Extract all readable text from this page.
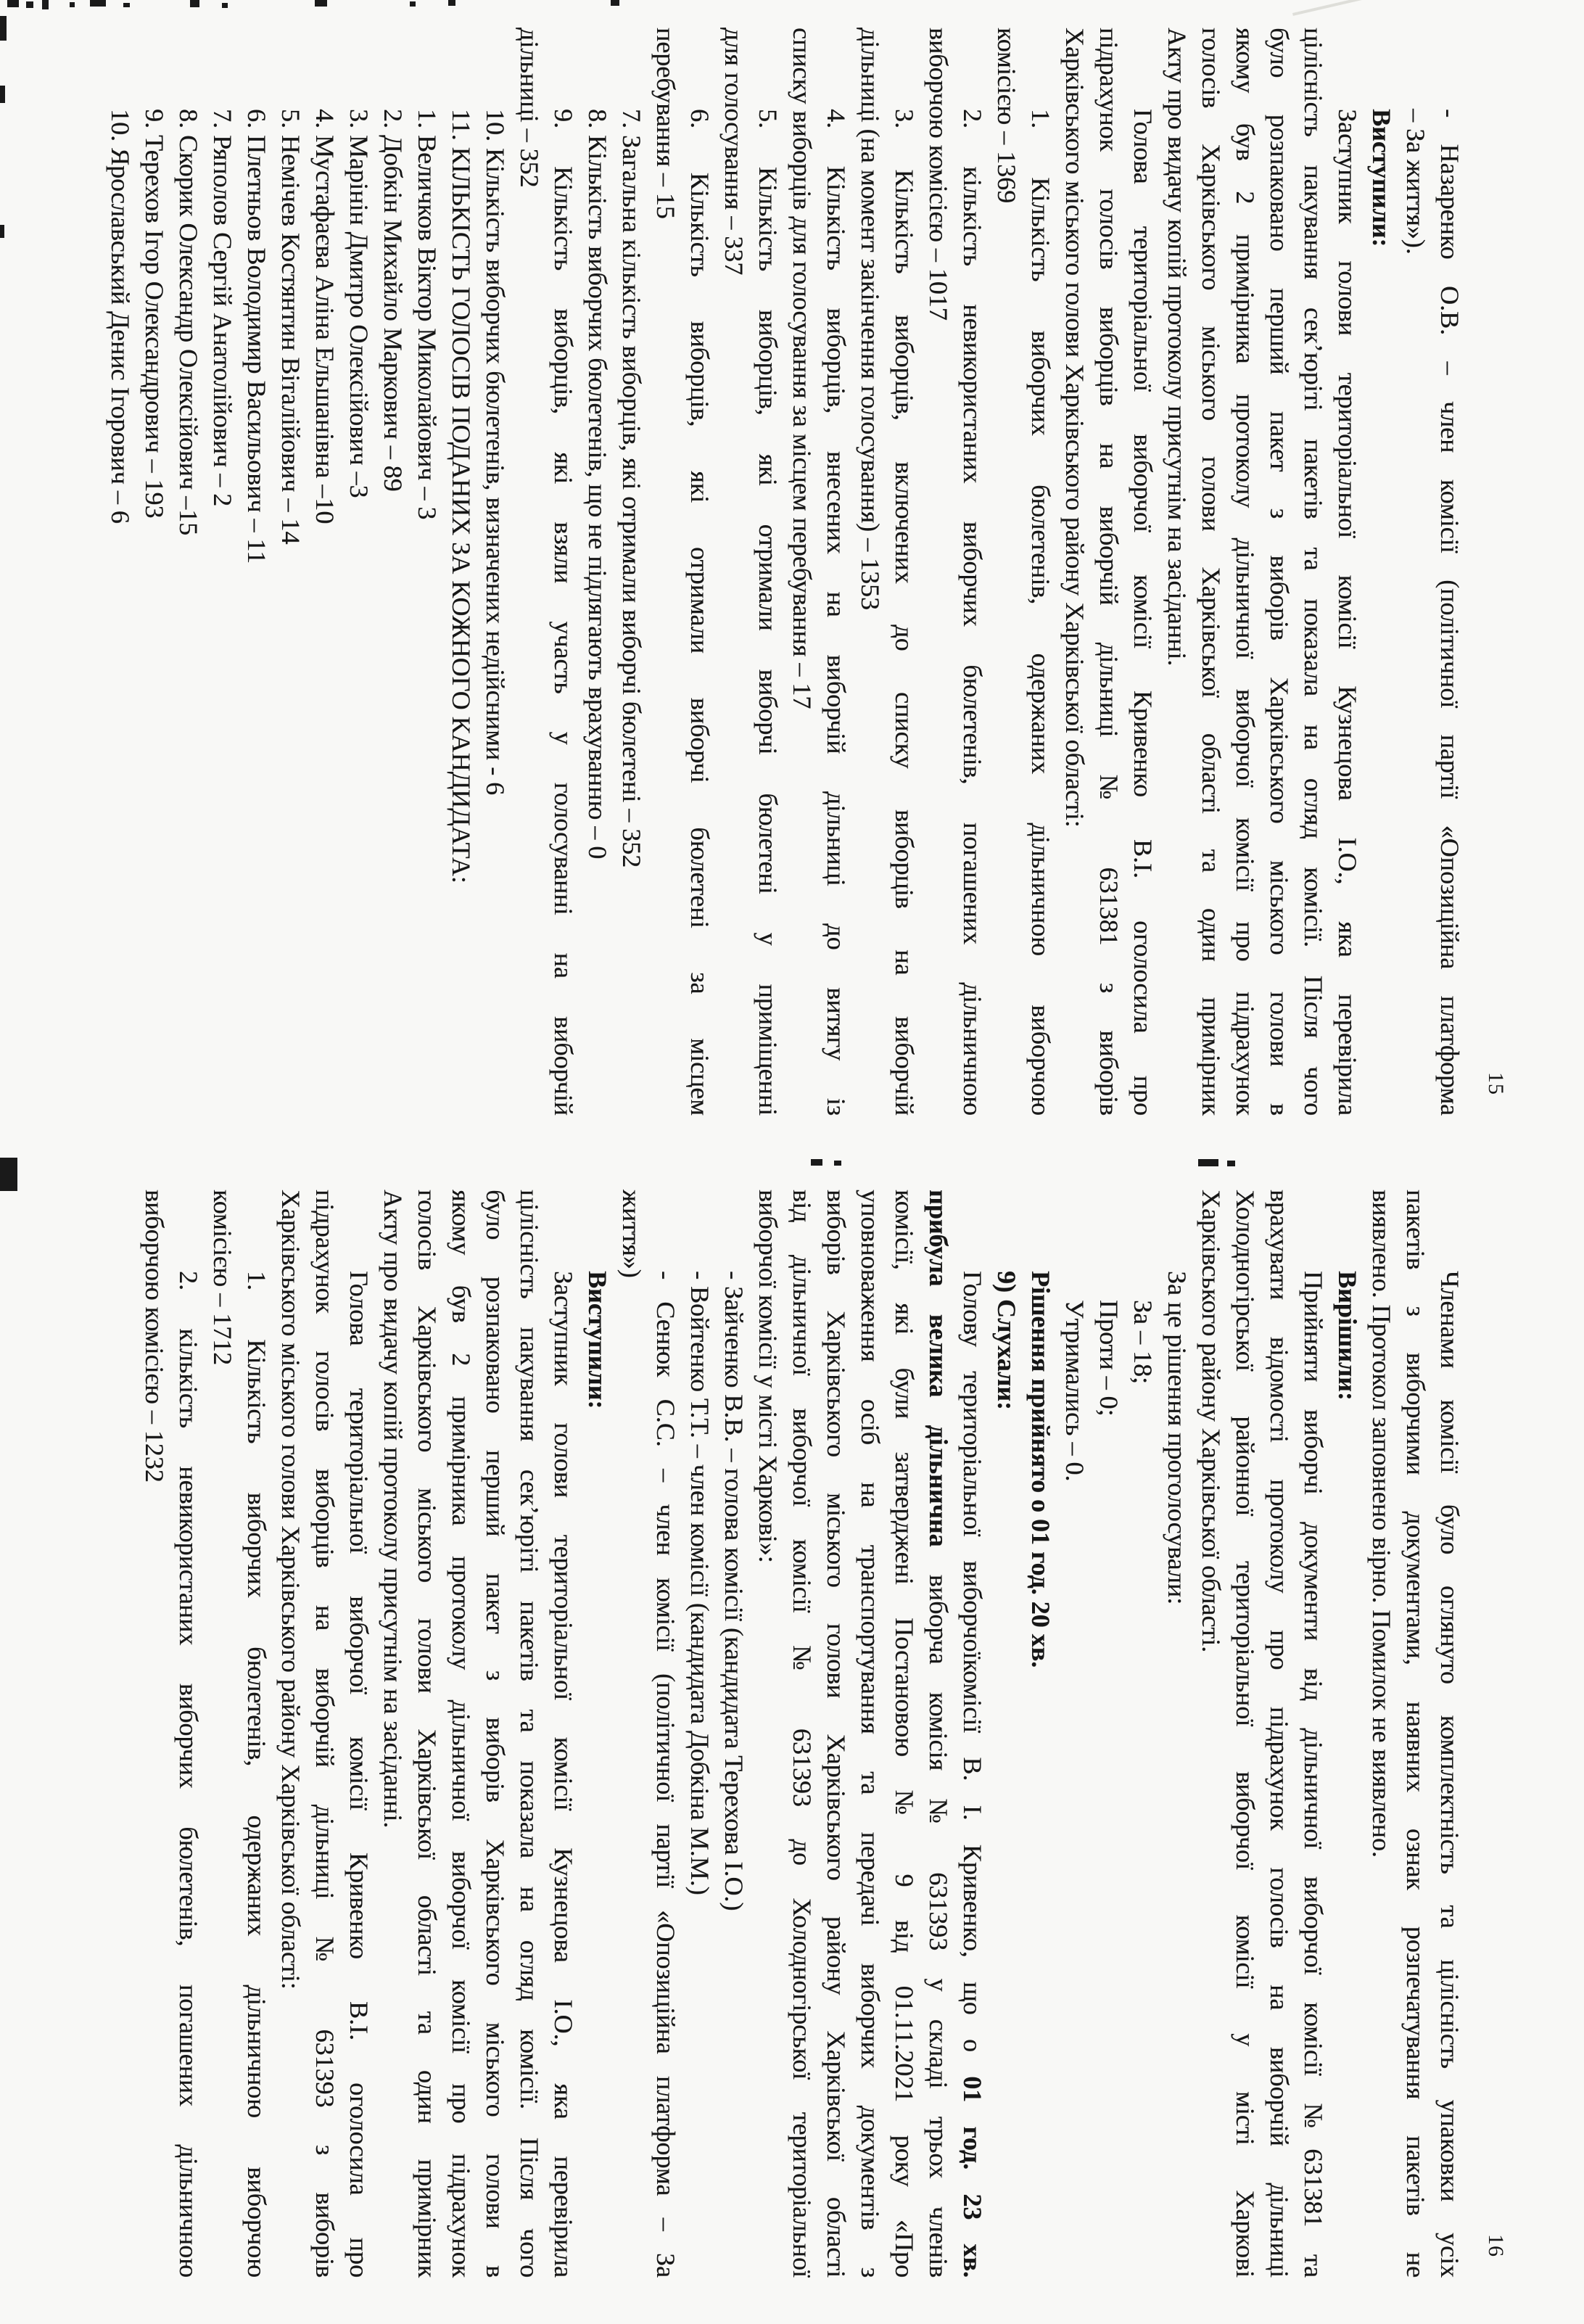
15
- Назаренко О.В. – член комісії (політичної партії «Опозиційна платформа
– За життя»).
Виступили:
Заступник голови територіальної комісії Кузнецова І.О., яка перевірила
цілісність пакування сек’юріті пакетів та показала на огляд комісії. Після чого
було розпаковано перший пакет з виборів Харківського міського голови в
якому був 2 примірника протоколу дільничної виборчої комісії про підрахунок
голосів Харківського міського голови Харківської області та один примірник
Акту про видачу копій протоколу присутнім на засіданні.
Голова територіальної виборчої комісії Кривенко В.І. оголосила про
підрахунок голосів виборців на виборчій дільниці № 631381 з виборів
Харківського міського голови Харківського району Харківської області:
1. Кількість виборчих бюлетенів, одержаних дільничною виборчою
комісією – 1369
2. кількість невикористаних виборчих бюлетенів, погашених дільничною
виборчою комісією – 1017
3. Кількість виборців, включених до списку виборців на виборчій
дільниці (на момент закінчення голосування) – 1353
4. Кількість виборців, внесених на виборчій дільниці до витягу із
списку виборців для голосування за місцем перебування – 17
5. Кількість виборців, які отримали виборчі бюлетені у приміщенні
для голосування – 337
6. Кількість виборців, які отримали виборчі бюлетені за місцем
перебування – 15
7. Загальна кількість виборців, які отримали виборчі бюлетені – 352
8. Кількість виборчих бюлетенів, що не підлягають врахуванню – 0
9. Кількість виборців, які взяли участь у голосуванні на виборчій
дільниці – 352
10. Кількість виборчих бюлетенів, визначених недійсними - 6
11. КІЛЬКІСТЬ ГОЛОСІВ ПОДАНИХ ЗА КОЖНОГО КАНДИДАТА:
1. Величков Віктор Миколайович – 3
2. Добкін Михайло Маркович – 89
3. Марінін Дмитро Олексійович –3
4. Мустафаєва Аліна Ельшанівна –10
5. Немічев Костянтин Віталійович – 14
6. Плетньов Володимир Васильович – 11
7. Ряполов Сергій Анатолійович – 2
8. Скорик Олександр Олексійович –15
9. Терехов Ігор Олександрович – 193
10. Ярославський Денис Ігорович – 6
16
Членами комісії було оглянуто комплектність та цілісність упаковки усіх
пакетів з виборчими документами, наявних ознак розпечатування пакетів не
виявлено. Протокол заповнено вірно. Помилок не виявлено.
Вирішили:
Прийняти виборчі документи від дільничної виборчої комісії №631381 та
врахувати відомості протоколу про підрахунок голосів на виборчій дільниці
Холодногірської районної територіальної виборчої комісії у місті Харкові
Харківського району Харківської області.
За це рішення проголосували:
За – 18;
Проти – 0;
Утримались – 0.
Рішення прийнято о 01 год. 20 хв.
9) Слухали:
Голову територіальної виборчоїкомісії В. І. Кривенко, що о 01 год. 23 хв.
прибула велика дільнична виборча комісія № 631393 у складі трьох членів
комісії, які були затверджені Постановою № 9 від 01.11.2021 року «Про
уповноваження осіб на транспортування та передачі виборчих документів з
виборів Харківського міського голови Харківського району Харківської області
від дільничної виборчої комісії № 631393 до Холодногірської територіальної
виборчої комісії у місті Харкові»:
- Зайченко В.В. – голова комісії (кандидата Терехова І.О.)
- Войтенко Т.Т. – член комісії (кандидата Добкіна М.М.)
- Сенюк С.С. – член комісії (політичної партії «Опозиційна платформа – За
життя»)
Виступили:
Заступник голови територіальної комісії Кузнецова І.О., яка перевірила
цілісність пакування сек’юріті пакетів та показала на огляд комісії. Після чого
було розпаковано перший пакет з виборів Харківського міського голови в
якому був 2 примірника протоколу дільничної виборчої комісії про підрахунок
голосів Харківського міського голови Харківської області та один примірник
Акту про видачу копій протоколу присутнім на засіданні.
Голова територіальної виборчої комісії Кривенко В.І. оголосила про
підрахунок голосів виборців на виборчій дільниці № 631393 з виборів
Харківського міського голови Харківського району Харківської області:
1. Кількість виборчих бюлетенів, одержаних дільничною виборчою
комісією – 1712
2. кількість невикористаних виборчих бюлетенів, погашених дільничною
виборчою комісією – 1232
